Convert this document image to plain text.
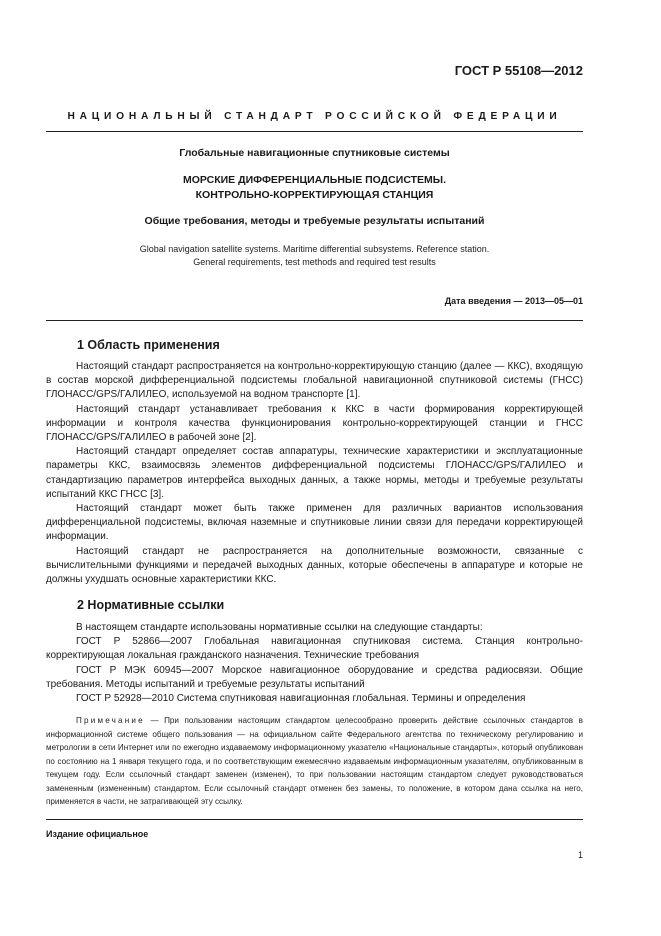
ГОСТ Р 55108—2012
НАЦИОНАЛЬНЫЙ СТАНДАРТ РОССИЙСКОЙ ФЕДЕРАЦИИ
Глобальные навигационные спутниковые системы
МОРСКИЕ ДИФФЕРЕНЦИАЛЬНЫЕ ПОДСИСТЕМЫ.
КОНТРОЛЬНО-КОРРЕКТИРУЮЩАЯ СТАНЦИЯ
Общие требования, методы и требуемые результаты испытаний
Global navigation satellite systems. Maritime differential subsystems. Reference station.
General requirements, test methods and required test results
Дата введения — 2013—05—01
1 Область применения
Настоящий стандарт распространяется на контрольно-корректирующую станцию (далее — ККС), входящую в состав морской дифференциальной подсистемы глобальной навигационной спутниковой системы (ГНСС) ГЛОНАСС/GPS/ГАЛИЛЕО, используемой на водном транспорте [1].
Настоящий стандарт устанавливает требования к ККС в части формирования корректирующей информации и контроля качества функционирования контрольно-корректирующей станции и ГНСС ГЛОНАСС/GPS/ГАЛИЛЕО в рабочей зоне [2].
Настоящий стандарт определяет состав аппаратуры, технические характеристики и эксплуатационные параметры ККС, взаимосвязь элементов дифференциальной подсистемы ГЛОНАСС/GPS/ГАЛИЛЕО и стандартизацию параметров интерфейса выходных данных, а также нормы, методы и требуемые результаты испытаний ККС ГНСС [3].
Настоящий стандарт может быть также применен для различных вариантов использования дифференциальной подсистемы, включая наземные и спутниковые линии связи для передачи корректирующей информации.
Настоящий стандарт не распространяется на дополнительные возможности, связанные с вычислительными функциями и передачей выходных данных, которые обеспечены в аппаратуре и которые не должны ухудшать основные характеристики ККС.
2 Нормативные ссылки
В настоящем стандарте использованы нормативные ссылки на следующие стандарты:
ГОСТ Р 52866—2007 Глобальная навигационная спутниковая система. Станция контрольно-корректирующая локальная гражданского назначения. Технические требования
ГОСТ Р МЭК 60945—2007 Морское навигационное оборудование и средства радиосвязи. Общие требования. Методы испытаний и требуемые результаты испытаний
ГОСТ Р 52928—2010 Система спутниковая навигационная глобальная. Термины и определения
Примечание — При пользовании настоящим стандартом целесообразно проверить действие ссылочных стандартов в информационной системе общего пользования — на официальном сайте Федерального агентства по техническому регулированию и метрологии в сети Интернет или по ежегодно издаваемому информационному указателю «Национальные стандарты», который опубликован по состоянию на 1 января текущего года, и по соответствующим ежемесячно издаваемым информационным указателям, опубликованным в текущем году. Если ссылочный стандарт заменен (изменен), то при пользовании настоящим стандартом следует руководствоваться замененным (измененным) стандартом. Если ссылочный стандарт отменен без замены, то положение, в котором дана ссылка на него, применяется в части, не затрагивающей эту ссылку.
Издание официальное
1
